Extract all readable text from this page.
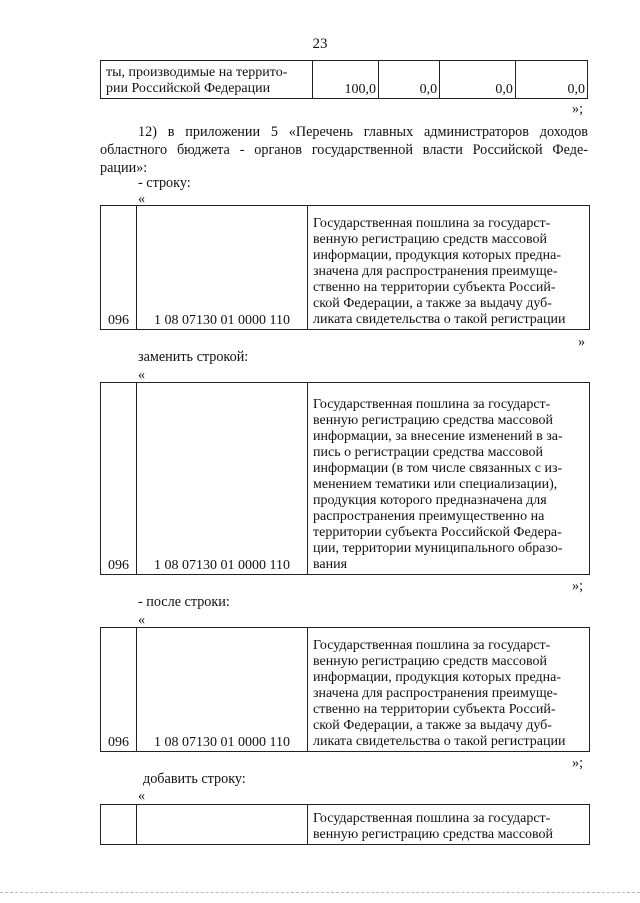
23
ты, производимые на террито-
рии Российской Федерации	100,0	0,0	0,0	0,0
»;
12) в приложении 5 «Перечень главных администраторов доходов
областного бюджета - органов государственной власти Российской Феде-
рации»:
- строку:
«
096	1 08 07130 01 0000 110	
Государственная пошлина за государст-
венную регистрацию средств массовой
информации, продукция которых предна-
значена для распространения преимуще-
ственно на территории субъекта Россий-
ской Федерации, а также за выдачу дуб-
ликата свидетельства о такой регистрации
»
заменить строкой:
«
096	1 08 07130 01 0000 110	
Государственная пошлина за государст-
венную регистрацию средства массовой
информации, за внесение изменений в за-
пись о регистрации средства массовой
информации (в том числе связанных с из-
менением тематики или специализации),
продукция которого предназначена для
распространения преимущественно на
территории субъекта Российской Федера-
ции, территории муниципального образо-
вания
»;
- после строки:
«
096	1 08 07130 01 0000 110	
Государственная пошлина за государст-
венную регистрацию средств массовой
информации, продукция которых предна-
значена для распространения преимуще-
ственно на территории субъекта Россий-
ской Федерации, а также за выдачу дуб-
ликата свидетельства о такой регистрации
»;
добавить строку:
«

Государственная пошлина за государст-
венную регистрацию средства массовой
